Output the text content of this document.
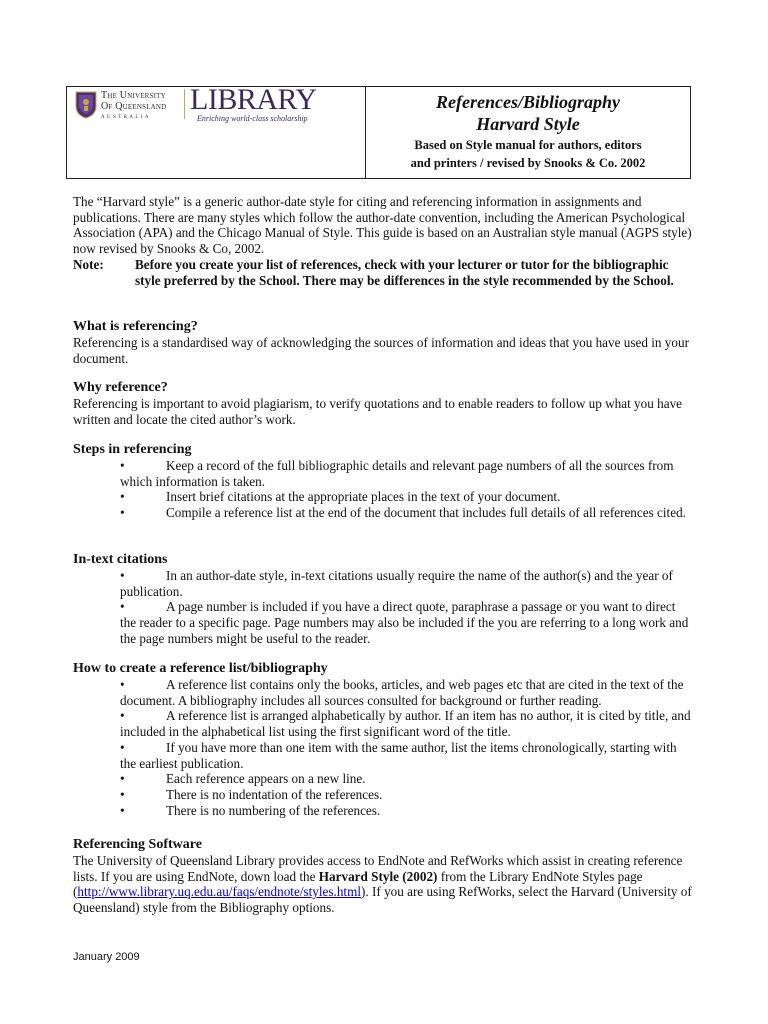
The University
Of Queensland
AUSTRALIA
LIBRARY
Enriching world-class scholarship
References/Bibliography
Harvard Style
Based on Style manual for authors, editors
and printers / revised by Snooks & Co. 2002

The “Harvard style” is a generic author-date style for citing and referencing information in assignments and publications. There are many styles which follow the author-date convention, including the American Psychological Association (APA) and the Chicago Manual of Style. This guide is based on an Australian style manual (AGPS style) now revised by Snooks & Co, 2002.

Note:	Before you create your list of references, check with your lecturer or tutor for the bibliographic style preferred by the School. There may be differences in the style recommended by the School.
What is referencing?

Referencing is a standardised way of acknowledging the sources of information and ideas that you have used in your document.

Why reference?

Referencing is important to avoid plagiarism, to verify quotations and to enable readers to follow up what you have written and locate the cited author’s work.

Steps in referencing
•	Keep a record of the full bibliographic details and relevant page numbers of all the sources from which information is taken.
•	Insert brief citations at the appropriate places in the text of your document.
•	Compile a reference list at the end of the document that includes full details of all references cited.
In-text citations
•	In an author-date style, in-text citations usually require the name of the author(s) and the year of publication.
•	A page number is included if you have a direct quote, paraphrase a passage or you want to direct the reader to a specific page. Page numbers may also be included if the you are referring to a long work and the page numbers might be useful to the reader.
How to create a reference list/bibliography
•	A reference list contains only the books, articles, and web pages etc that are cited in the text of the document. A bibliography includes all sources consulted for background or further reading.
•	A reference list is arranged alphabetically by author. If an item has no author, it is cited by title, and included in the alphabetical list using the first significant word of the title.
•	If you have more than one item with the same author, list the items chronologically, starting with the earliest publication.
•	Each reference appears on a new line.
•	There is no indentation of the references.
•	There is no numbering of the references.
Referencing Software

The University of Queensland Library provides access to EndNote and RefWorks which assist in creating reference lists. If you are using EndNote, down load the Harvard Style (2002) from the Library EndNote Styles page (http://www.library.uq.edu.au/faqs/endnote/styles.html). If you are using RefWorks, select the Harvard (University of Queensland) style from the Bibliography options.

January 2009
